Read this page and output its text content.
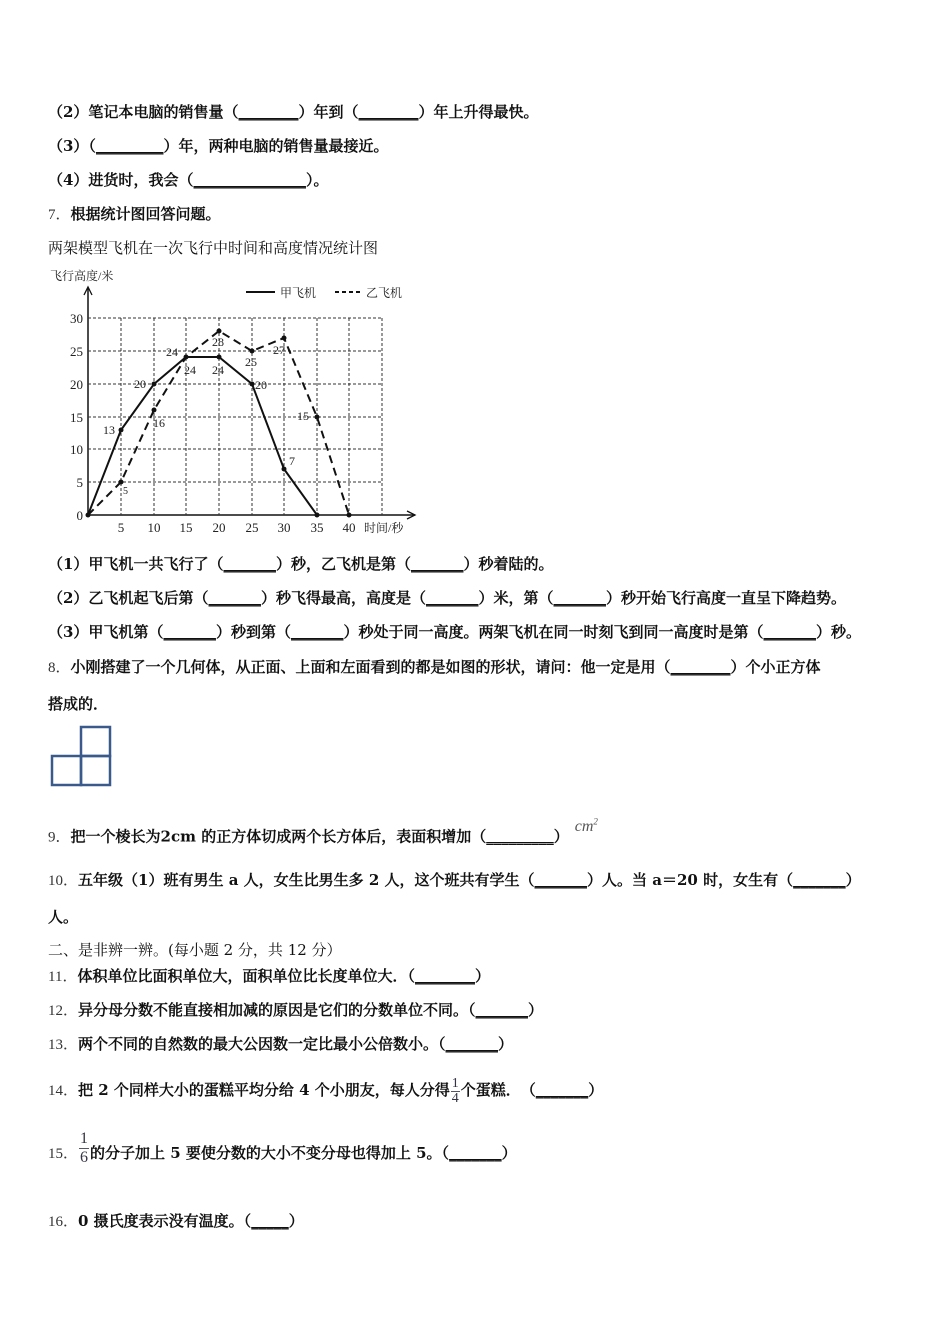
（2）笔记本电脑的销售量（________）年到（________）年上升得最快。
（3）（_________）年，两种电脑的销售量最接近。
（4）进货时，我会（_______________）。
7．根据统计图回答问题。
两架模型飞机在一次飞行中时间和高度情况统计图
飞行高度/米
30
25
20
15
10
5
0
5 10 15 20 25 30 35 40 时间/秒
甲飞机	乙飞机
13
20
24
24 24
20
7
5
16
28
25
27
15
（1）甲飞机一共飞行了（_______）秒，乙飞机是第（_______）秒着陆的。
（2）乙飞机起飞后第（_______）秒飞得最高，高度是（_______）米，第（_______）秒开始飞行高度一直呈下降趋势。
（3）甲飞机第（_______）秒到第（_______）秒处于同一高度。两架飞机在同一时刻飞到同一高度时是第（_______）秒。
8．小刚搭建了一个几何体，从正面、上面和左面看到的都是如图的形状，请问：他一定是用（________）个小正方体
搭成的．
9．把一个棱长为2cm 的正方体切成两个长方体后，表面积增加$(\_\_\_\_\_\_\_\_\_)cm^2$
10．五年级（1）班有男生 a 人，女生比男生多 2 人，这个班共有学生（_______）人。当 a＝20 时，女生有（_______）
人。
二、是非辨一辨。(每小题 2 分，共 12 分）
11．体积单位比面积单位大，面积单位比长度单位大．（________）
12．异分母分数不能直接相加减的原因是它们的分数单位不同。（_______）
13．两个不同的自然数的最大公因数一定比最小公倍数小。（_______）
14．把 2 个同样大小的蛋糕平均分给 4 个小朋友，每人分得 $\frac{1}{4}$ 个蛋糕．　（_______）
15． $\frac{1}{6}$ 的分子加上 5 要使分数的大小不变分母也得加上 5。（_______）
16．0 摄氏度表示没有温度。（_____）
